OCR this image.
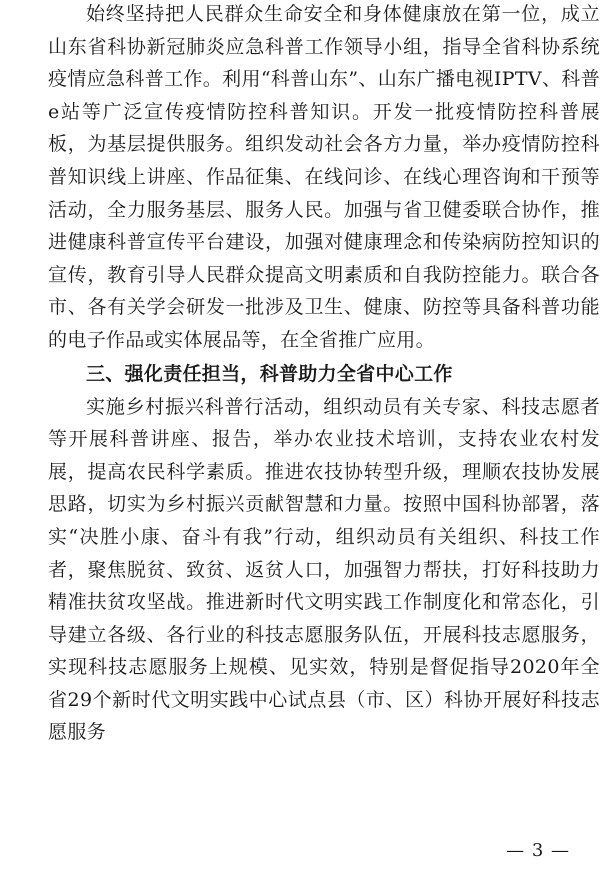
始终坚持把人民群众生命安全和身体健康放在第一位，成立山东省科协新冠肺炎应急科普工作领导小组，指导全省科协系统疫情应急科普工作。利用“科普山东”、山东广播电视IPTV、科普e站等广泛宣传疫情防控科普知识。开发一批疫情防控科普展板，为基层提供服务。组织发动社会各方力量，举办疫情防控科普知识线上讲座、作品征集、在线问诊、在线心理咨询和干预等活动，全力服务基层、服务人民。加强与省卫健委联合协作，推进健康科普宣传平台建设，加强对健康理念和传染病防控知识的宣传，教育引导人民群众提高文明素质和自我防控能力。联合各市、各有关学会研发一批涉及卫生、健康、防控等具备科普功能的电子作品或实体展品等，在全省推广应用。

三、强化责任担当，科普助力全省中心工作

实施乡村振兴科普行活动，组织动员有关专家、科技志愿者等开展科普讲座、报告，举办农业技术培训，支持农业农村发展，提高农民科学素质。推进农技协转型升级，理顺农技协发展思路，切实为乡村振兴贡献智慧和力量。按照中国科协部署，落实“决胜小康、奋斗有我”行动，组织动员有关组织、科技工作者，聚焦脱贫、致贫、返贫人口，加强智力帮扶，打好科技助力精准扶贫攻坚战。推进新时代文明实践工作制度化和常态化，引导建立各级、各行业的科技志愿服务队伍，开展科技志愿服务，实现科技志愿服务上规模、见实效，特别是督促指导2020年全省29个新时代文明实践中心试点县（市、区）科协开展好科技志愿服务

— 3 —
